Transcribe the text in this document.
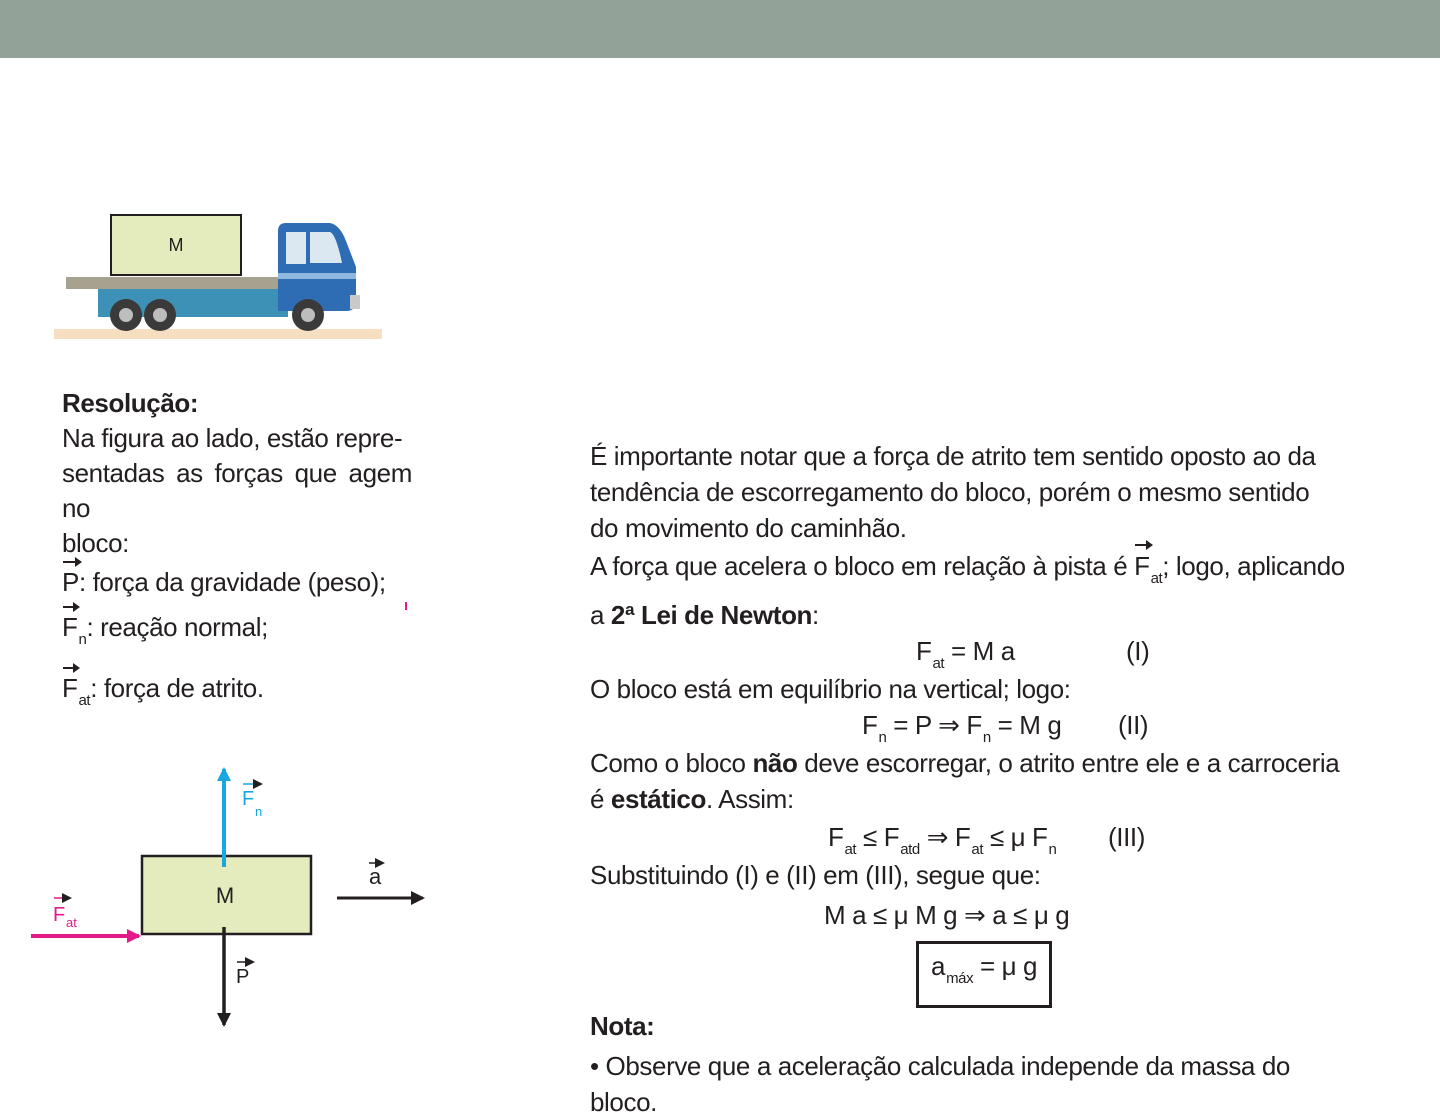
M
Resolução:
Na figura ao lado, estão repre-
sentadas as forças que agem no
bloco:
P: força da gravidade (peso);
$F_n$: reação normal;
$F_{at}$: força de atrito.
M
F
n
P
F at
a

É importante notar que a força de atrito tem sentido oposto ao da

tendência de escorregamento do bloco, porém o mesmo sentido

do movimento do caminhão.

A força que acelera o bloco em relação à pista é $F_{at}$; logo, aplicando

a 2ª Lei de Newton:

$F_{at} = M$ a	(I)

O bloco está em equilíbrio na vertical; logo:

$F_n = P$ ⇒ $F_n = M$ g (II)

Como o bloco não deve escorregar, o atrito entre ele e a carroceria

é estático. Assim:

$F_{at} \le F_{atd}$ ⇒ $F_{at} \le \mu$ $F_n$ (III)

Substituindo (I) e (II) em (III), segue que:

M a ≤ μ M g ⇒ a ≤ μ g
$a_{máx} = \mu$ g

Nota:

• Observe que a aceleração calculada independe da massa do bloco.
